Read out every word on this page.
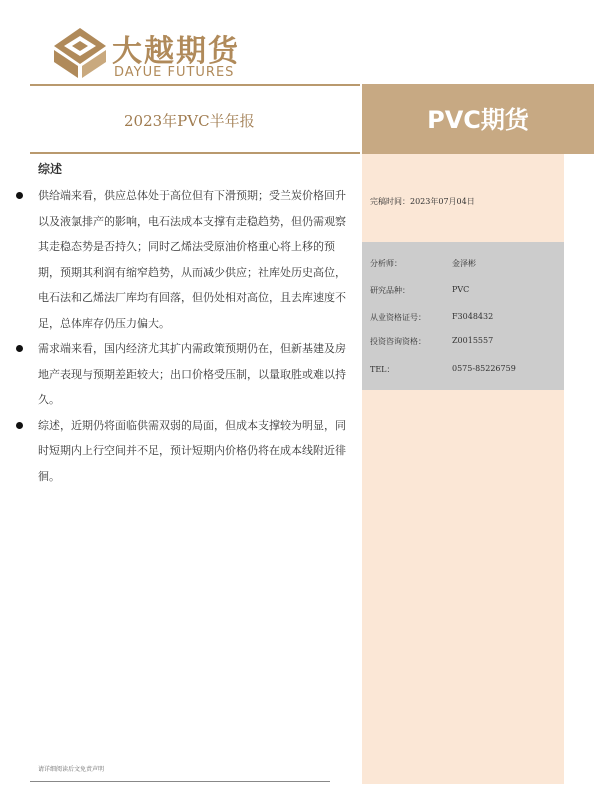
大越期货
DAYUE FUTURES
2023年PVC半年报	PVC期货
综述
供给端来看，供应总体处于高位但有下滑预期；受兰炭价格回升以及液氯排产的影响，电石法成本支撑有走稳趋势，但仍需观察其走稳态势是否持久；同时乙烯法受原油价格重心将上移的预期，预期其利润有缩窄趋势，从而减少供应；社库处历史高位，电石法和乙烯法厂库均有回落，但仍处相对高位，且去库速度不足，总体库存仍压力偏大。
需求端来看，国内经济尤其扩内需政策预期仍在，但新基建及房地产表现与预期差距较大；出口价格受压制，以量取胜或难以持久。
综述，近期仍将面临供需双弱的局面，但成本支撑较为明显，同时短期内上行空间并不足，预计短期内价格仍将在成本线附近徘徊。
请详细阅读后文免责声明
完稿时间：2023年07月04日
分析师：	金泽彬
研究品种：	PVC
从业资格证号：	F3048432
投资咨询资格：	Z0015557
TEL：	0575-85226759
